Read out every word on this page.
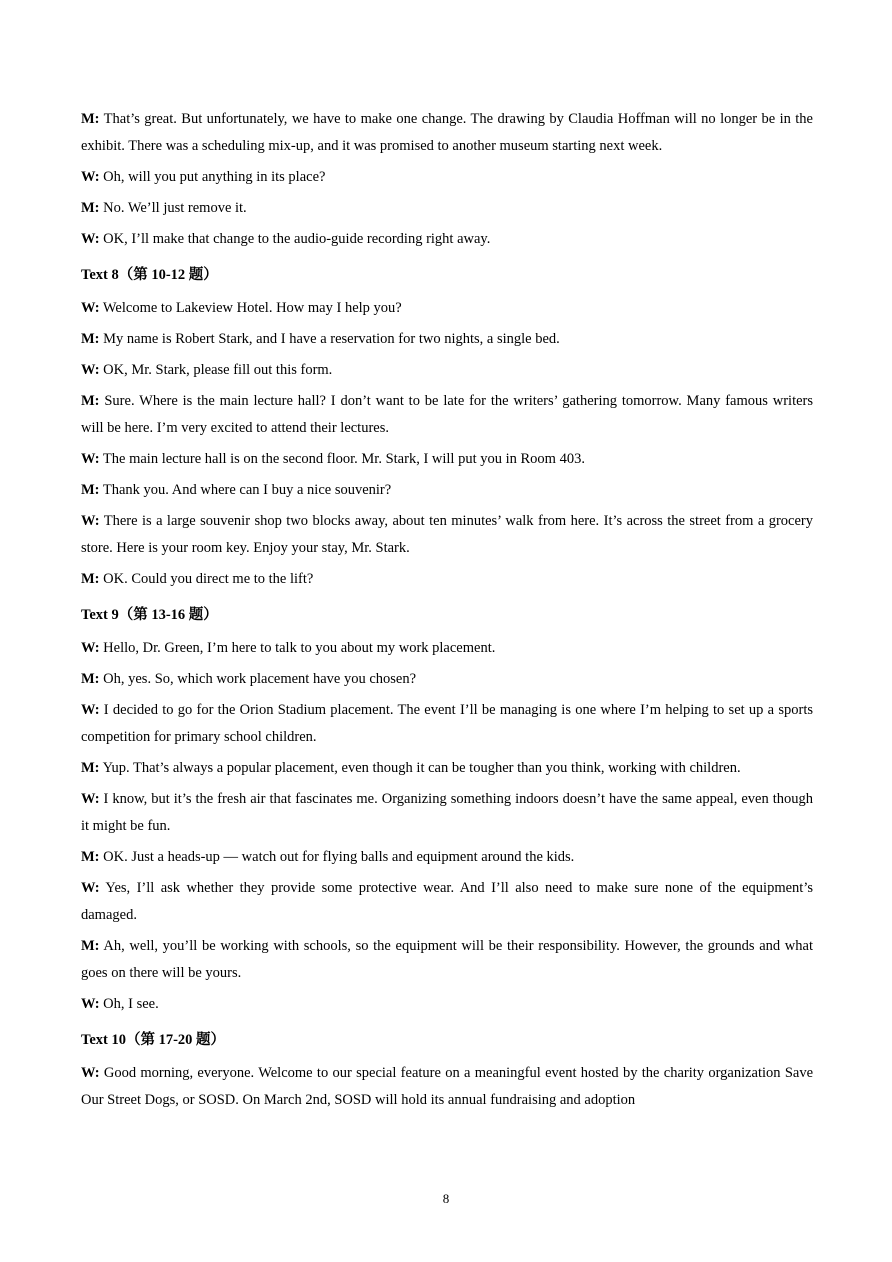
M: That’s great. But unfortunately, we have to make one change. The drawing by Claudia Hoffman will no longer be in the exhibit. There was a scheduling mix-up, and it was promised to another museum starting next week.

W: Oh, will you put anything in its place?

M: No. We’ll just remove it.

W: OK, I’ll make that change to the audio-guide recording right away.

Text 8（第 10-12 题）

W: Welcome to Lakeview Hotel. How may I help you?

M: My name is Robert Stark, and I have a reservation for two nights, a single bed.

W: OK, Mr. Stark, please fill out this form.

M: Sure. Where is the main lecture hall? I don’t want to be late for the writers’ gathering tomorrow. Many famous writers will be here. I’m very excited to attend their lectures.

W: The main lecture hall is on the second floor. Mr. Stark, I will put you in Room 403.

M: Thank you. And where can I buy a nice souvenir?

W: There is a large souvenir shop two blocks away, about ten minutes’ walk from here. It’s across the street from a grocery store. Here is your room key. Enjoy your stay, Mr. Stark.

M: OK. Could you direct me to the lift?

Text 9（第 13-16 题）

W: Hello, Dr. Green, I’m here to talk to you about my work placement.

M: Oh, yes. So, which work placement have you chosen?

W: I decided to go for the Orion Stadium placement. The event I’ll be managing is one where I’m helping to set up a sports competition for primary school children.

M: Yup. That’s always a popular placement, even though it can be tougher than you think, working with children.

W: I know, but it’s the fresh air that fascinates me. Organizing something indoors doesn’t have the same appeal, even though it might be fun.

M: OK. Just a heads-up — watch out for flying balls and equipment around the kids.

W: Yes, I’ll ask whether they provide some protective wear. And I’ll also need to make sure none of the equipment’s damaged.

M: Ah, well, you’ll be working with schools, so the equipment will be their responsibility. However, the grounds and what goes on there will be yours.

W: Oh, I see.

Text 10（第 17-20 题）

W: Good morning, everyone. Welcome to our special feature on a meaningful event hosted by the charity organization Save Our Street Dogs, or SOSD. On March 2nd, SOSD will hold its annual fundraising and adoption

8
